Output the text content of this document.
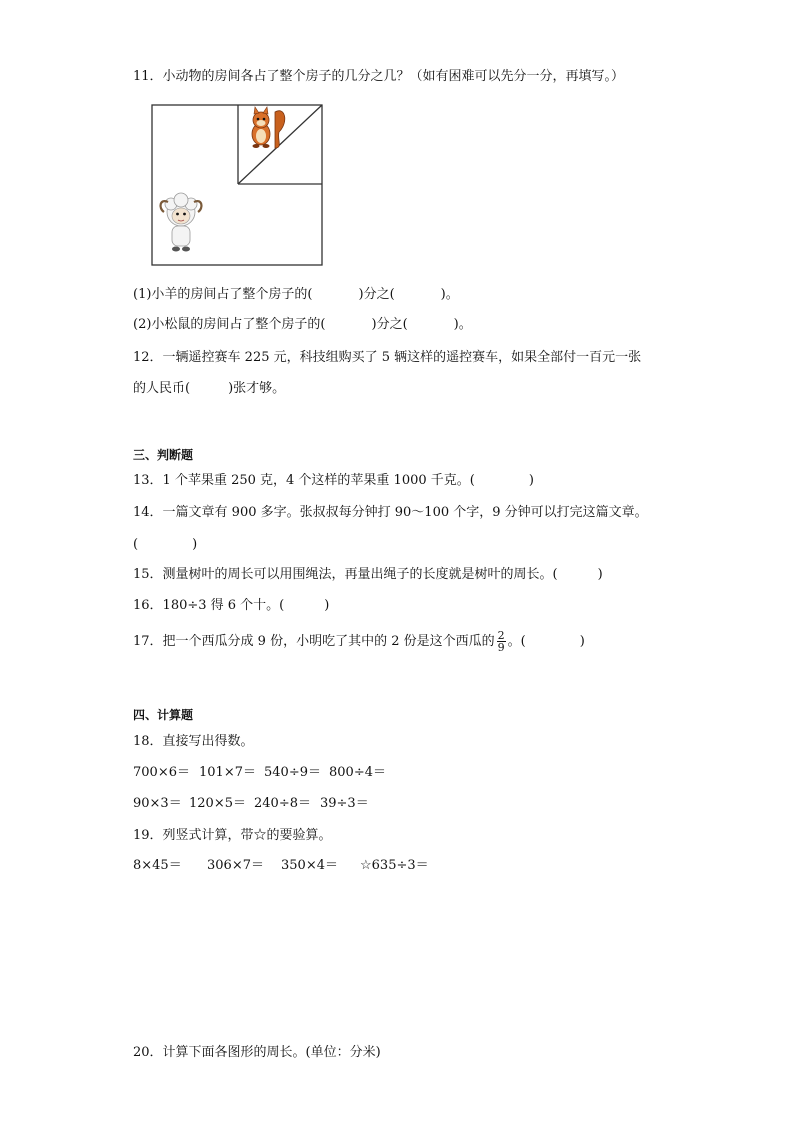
11．小动物的房间各占了整个房子的几分之几？（如有困难可以先分一分，再填写。）
(1)小羊的房间占了整个房子的(	)分之(	)。
(2)小松鼠的房间占了整个房子的(	)分之(	)。
12．一辆遥控赛车 225 元，科技组购买了 5 辆这样的遥控赛车，如果全部付一百元一张
的人民币(	)张才够。
三、判断题
13．1 个苹果重 250 克，4 个这样的苹果重 1000 千克。(	)
14．一篇文章有 900 多字。张叔叔每分钟打 90～100 个字，9 分钟可以打完这篇文章。
(	)
15．测量树叶的周长可以用围绳法，再量出绳子的长度就是树叶的周长。(	)
16．180÷3 得 6 个十。(	)
17．把一个西瓜分成 9 份，小明吃了其中的 2 份是这个西瓜的 $\frac{2}{9}$ 。(	)
四、计算题
18．直接写出得数。
700×6＝ 101×7＝ 540÷9＝ 800÷4＝
90×3＝ 120×5＝ 240÷8＝ 39÷3＝
19．列竖式计算，带☆的要验算。
8×45＝ 306×7＝ 350×4＝ ☆635÷3＝
20．计算下面各图形的周长。(单位：分米)
